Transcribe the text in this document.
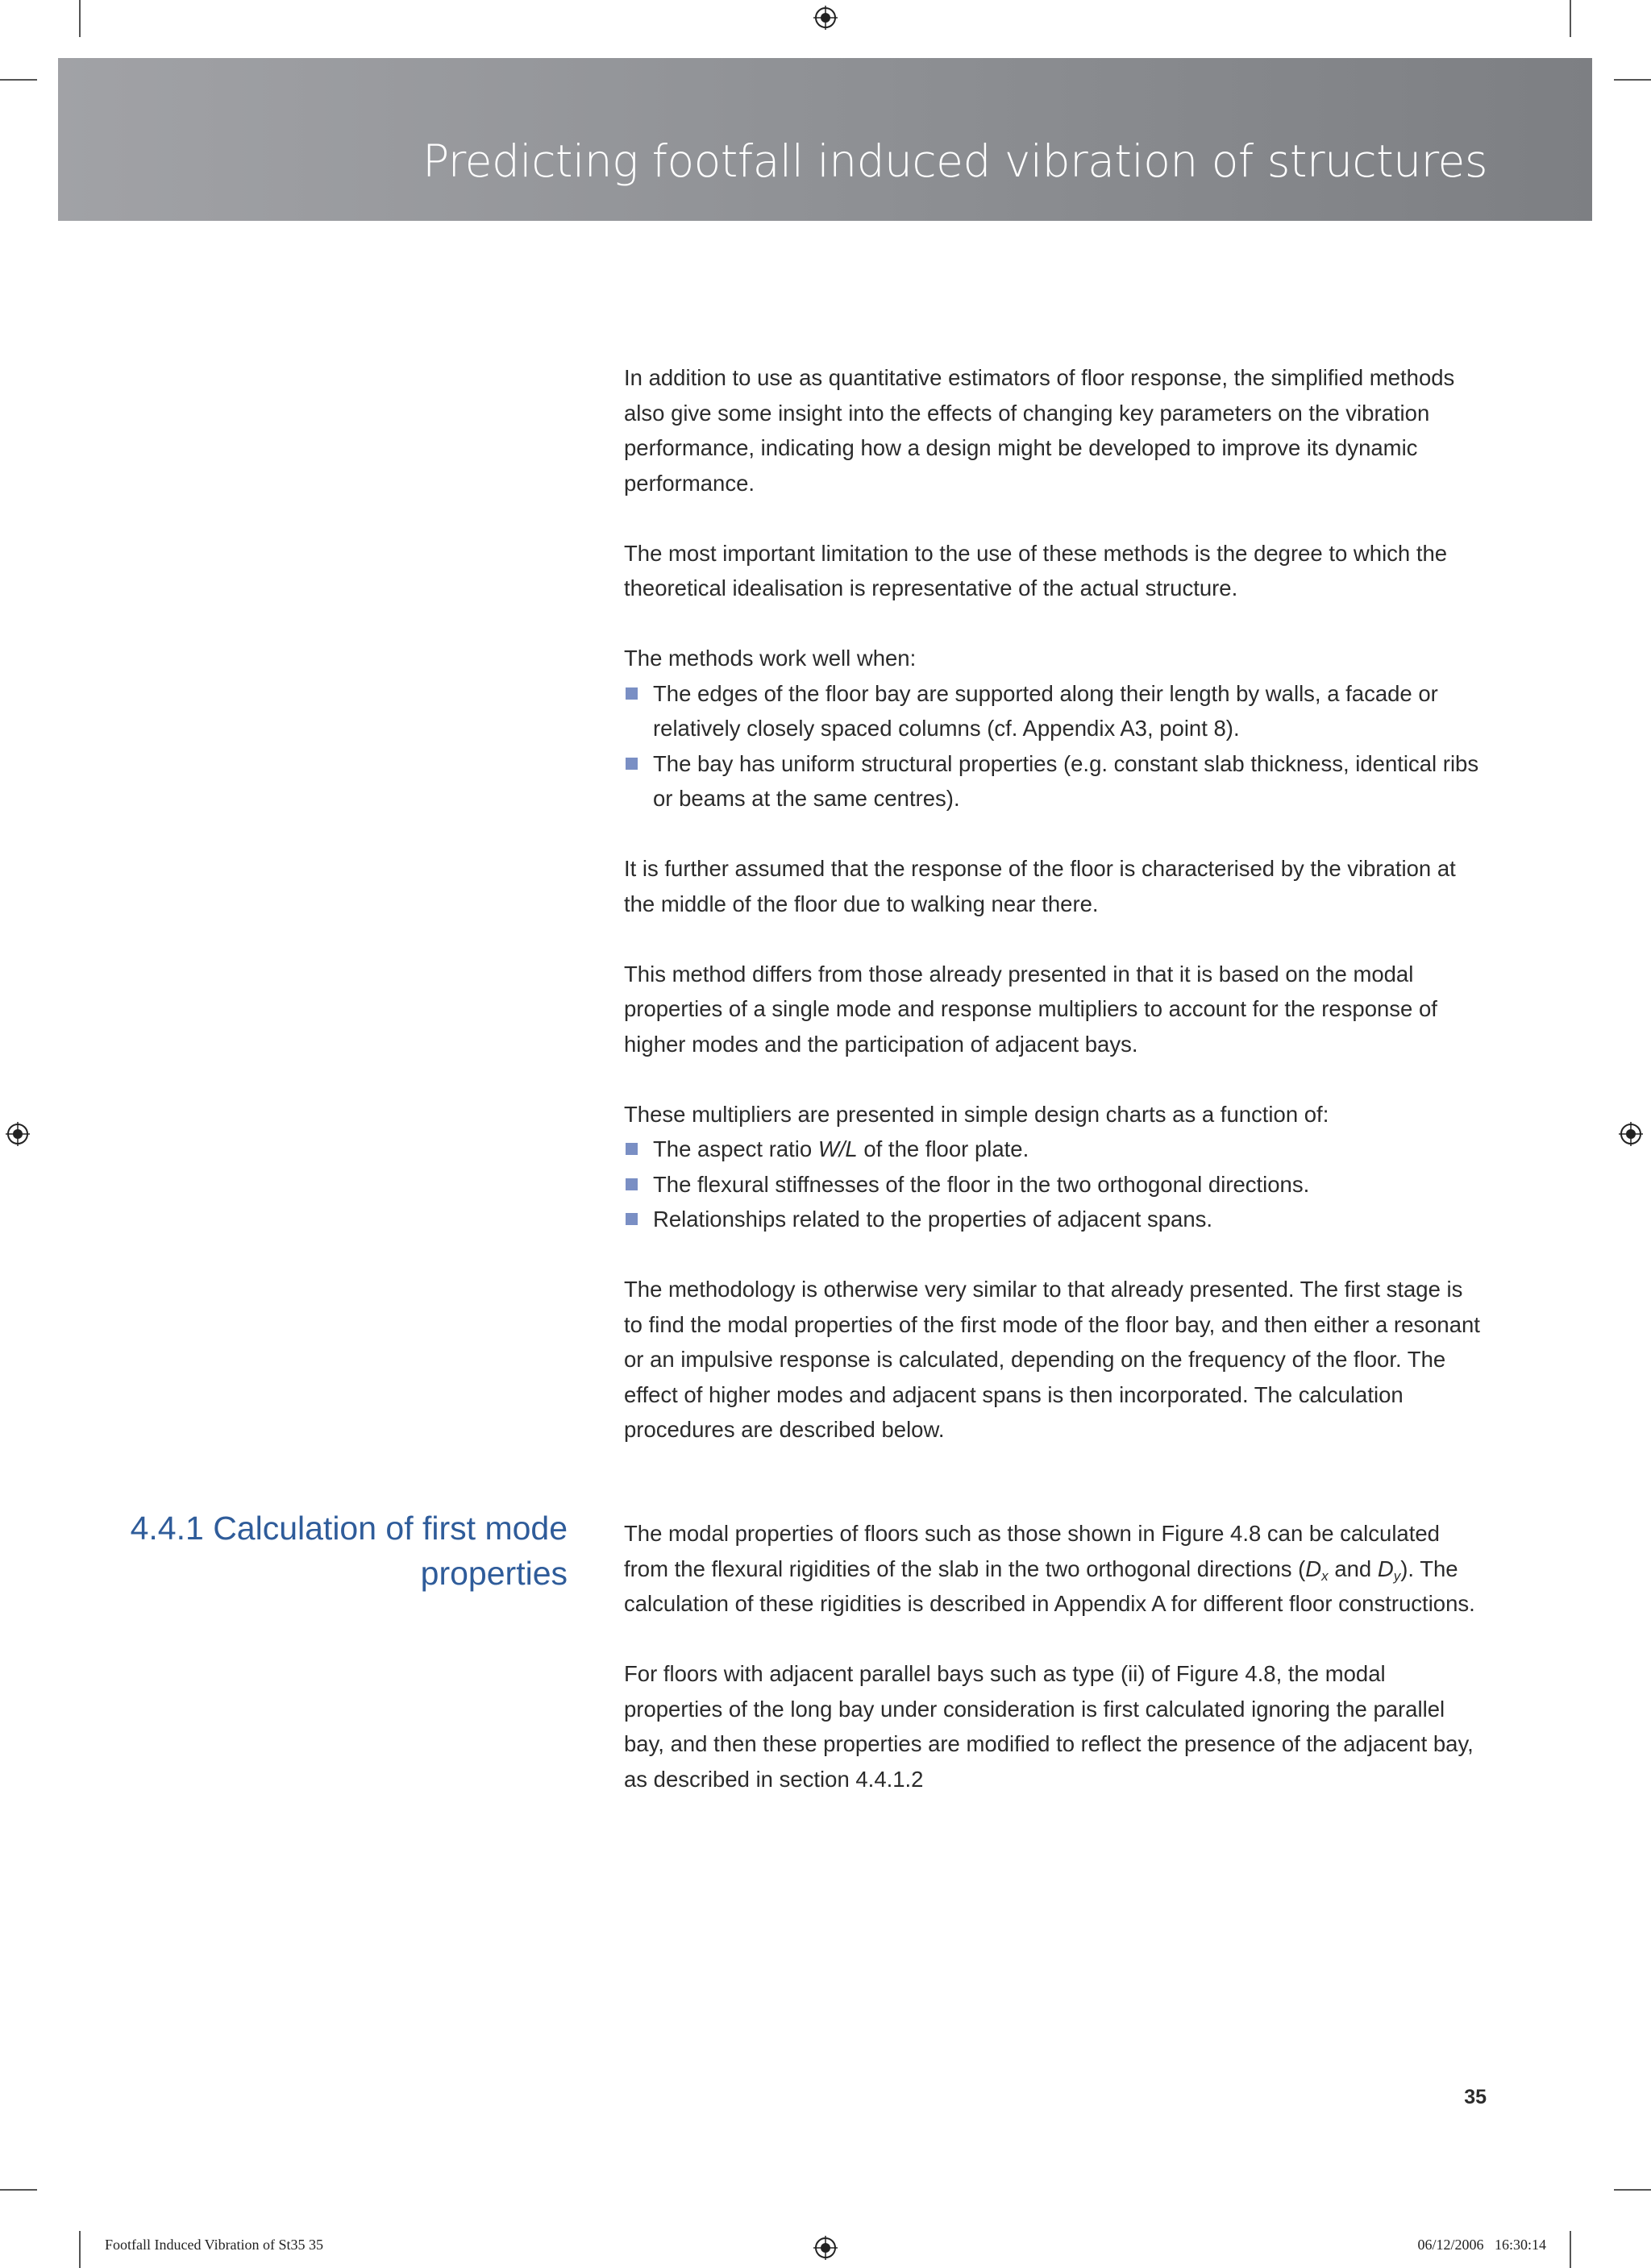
Predicting footfall induced vibration of structures

In addition to use as quantitative estimators of floor response, the simplified methods also give some insight into the effects of changing key parameters on the vibration performance, indicating how a design might be developed to improve its dynamic performance.

The most important limitation to the use of these methods is the degree to which the theoretical idealisation is representative of the actual structure.

The methods work well when:

The edges of the floor bay are supported along their length by walls, a facade or relatively closely spaced columns (cf. Appendix A3, point 8).
The bay has uniform structural properties (e.g. constant slab thickness, identical ribs or beams at the same centres).

It is further assumed that the response of the floor is characterised by the vibration at the middle of the floor due to walking near there.

This method differs from those already presented in that it is based on the modal properties of a single mode and response multipliers to account for the response of higher modes and the participation of adjacent bays.

These multipliers are presented in simple design charts as a function of:

The aspect ratio W/L of the floor plate.
The flexural stiffnesses of the floor in the two orthogonal directions.
Relationships related to the properties of adjacent spans.

The methodology is otherwise very similar to that already presented. The first stage is to find the modal properties of the first mode of the floor bay, and then either a resonant or an impulsive response is calculated, depending on the frequency of the floor. The effect of higher modes and adjacent spans is then incorporated. The calculation procedures are described below.

4.4.1 Calculation of first mode
properties

The modal properties of floors such as those shown in Figure 4.8 can be calculated from the flexural rigidities of the slab in the two orthogonal directions ($D_x$ and $D_y$). The calculation of these rigidities is described in Appendix A for different floor constructions.

For floors with adjacent parallel bays such as type (ii) of Figure 4.8, the modal properties of the long bay under consideration is first calculated ignoring the parallel bay, and then these properties are modified to reflect the presence of the adjacent bay, as described in section 4.4.1.2

35
Footfall Induced Vibration of St35 35	06/12/2006   16:30:14
